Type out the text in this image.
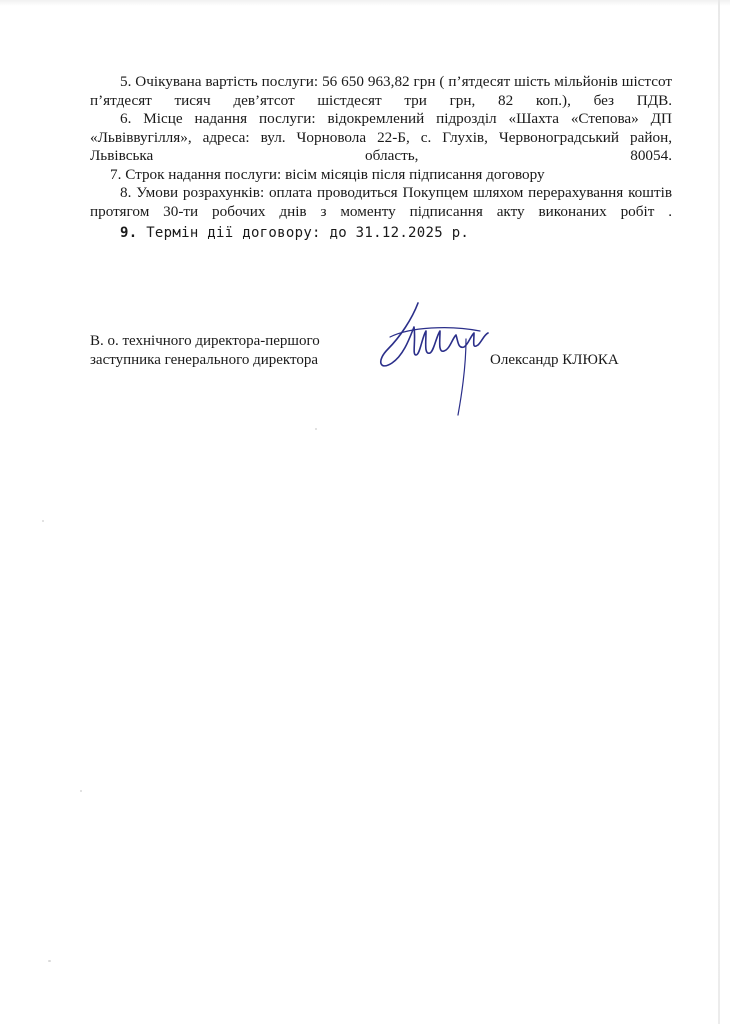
5. Очікувана вартість послуги: 56 650 963,82 грн ( п’ятдесят шість мільйонів шістсот п’ятдесят тисяч дев’ятсот шістдесят три грн, 82 коп.), без ПДВ.

6. Місце надання послуги: відокремлений підрозділ «Шахта «Степова» ДП «Львіввугілля», адреса: вул. Чорновола 22-Б, с. Глухів, Червоноградський район, Львівська область, 80054.

7. Строк надання послуги: вісім місяців після підписання договору

8. Умови розрахунків: оплата проводиться Покупцем шляхом перерахування коштів протягом 30-ти робочих днів з моменту підписання акту виконаних робіт .

9. Термін дії договору: до 31.12.2025 р.

В. о. технічного директора-першого
заступника генерального директора	Олександр КЛЮКА
